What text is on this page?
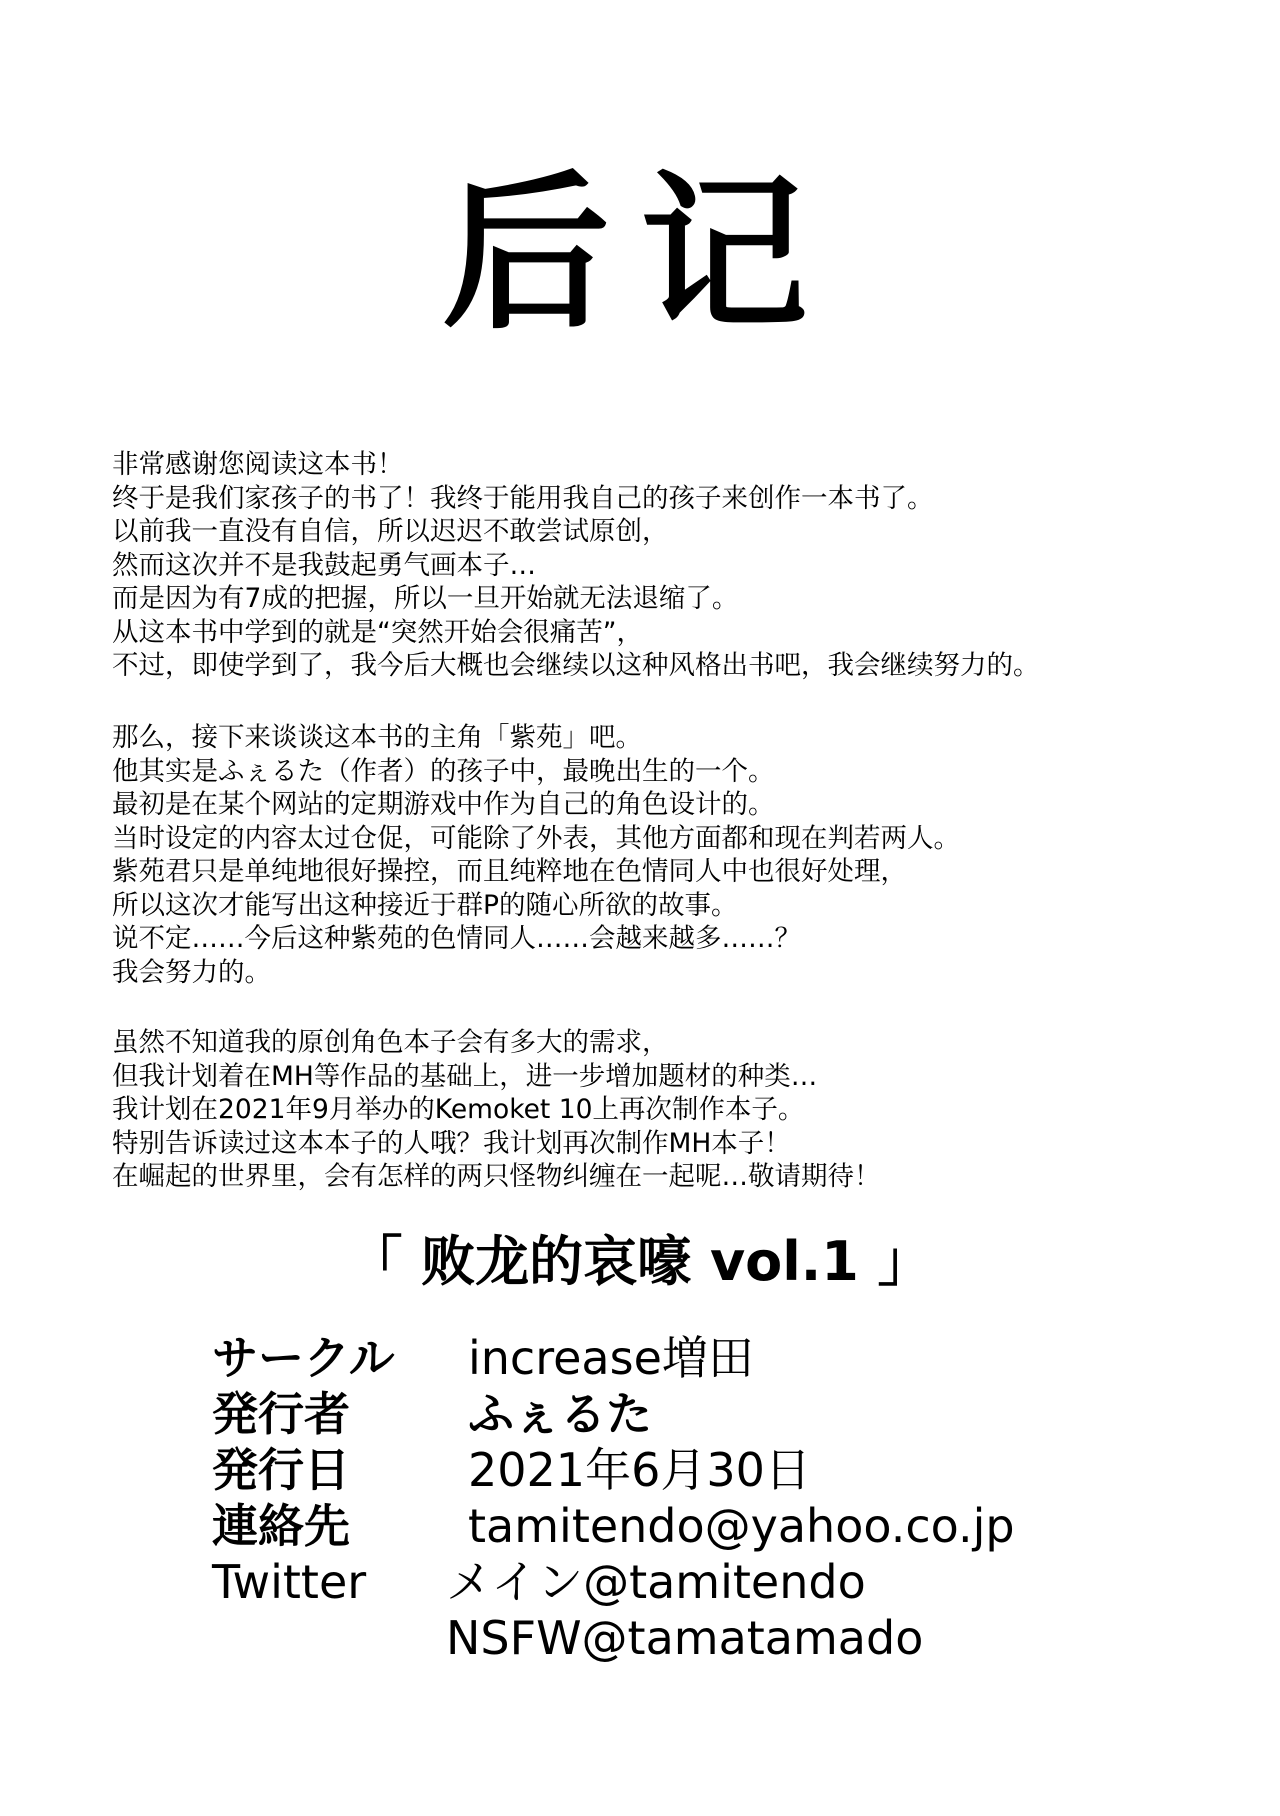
后记
非常感谢您阅读这本书！
终于是我们家孩子的书了！我终于能用我自己的孩子来创作一本书了。
以前我一直没有自信，所以迟迟不敢尝试原创，
然而这次并不是我鼓起勇气画本子…
而是因为有7成的把握，所以一旦开始就无法退缩了。
从这本书中学到的就是“突然开始会很痛苦”，
不过，即使学到了，我今后大概也会继续以这种风格出书吧，我会继续努力的。
那么，接下来谈谈这本书的主角「紫苑」吧。
他其实是ふぇるた（作者）的孩子中，最晚出生的一个。
最初是在某个网站的定期游戏中作为自己的角色设计的。
当时设定的内容太过仓促，可能除了外表，其他方面都和现在判若两人。
紫苑君只是单纯地很好操控，而且纯粹地在色情同人中也很好处理，
所以这次才能写出这种接近于群P的随心所欲的故事。
说不定……今后这种紫苑的色情同人……会越来越多……？
我会努力的。
虽然不知道我的原创角色本子会有多大的需求，
但我计划着在MH等作品的基础上，进一步增加题材的种类…
我计划在2021年9月举办的Kemoket 10上再次制作本子。
特别告诉读过这本本子的人哦？我计划再次制作MH本子！
在崛起的世界里，会有怎样的两只怪物纠缠在一起呢…敬请期待！
「 败龙的哀嚎 vol.1 」
サークル increase増田
発行者	ふぇるた
発行日	2021年6月30日
連絡先	tamitendo@yahoo.co.jp
Twitter メイン@tamitendo
NSFW@tamatamado
